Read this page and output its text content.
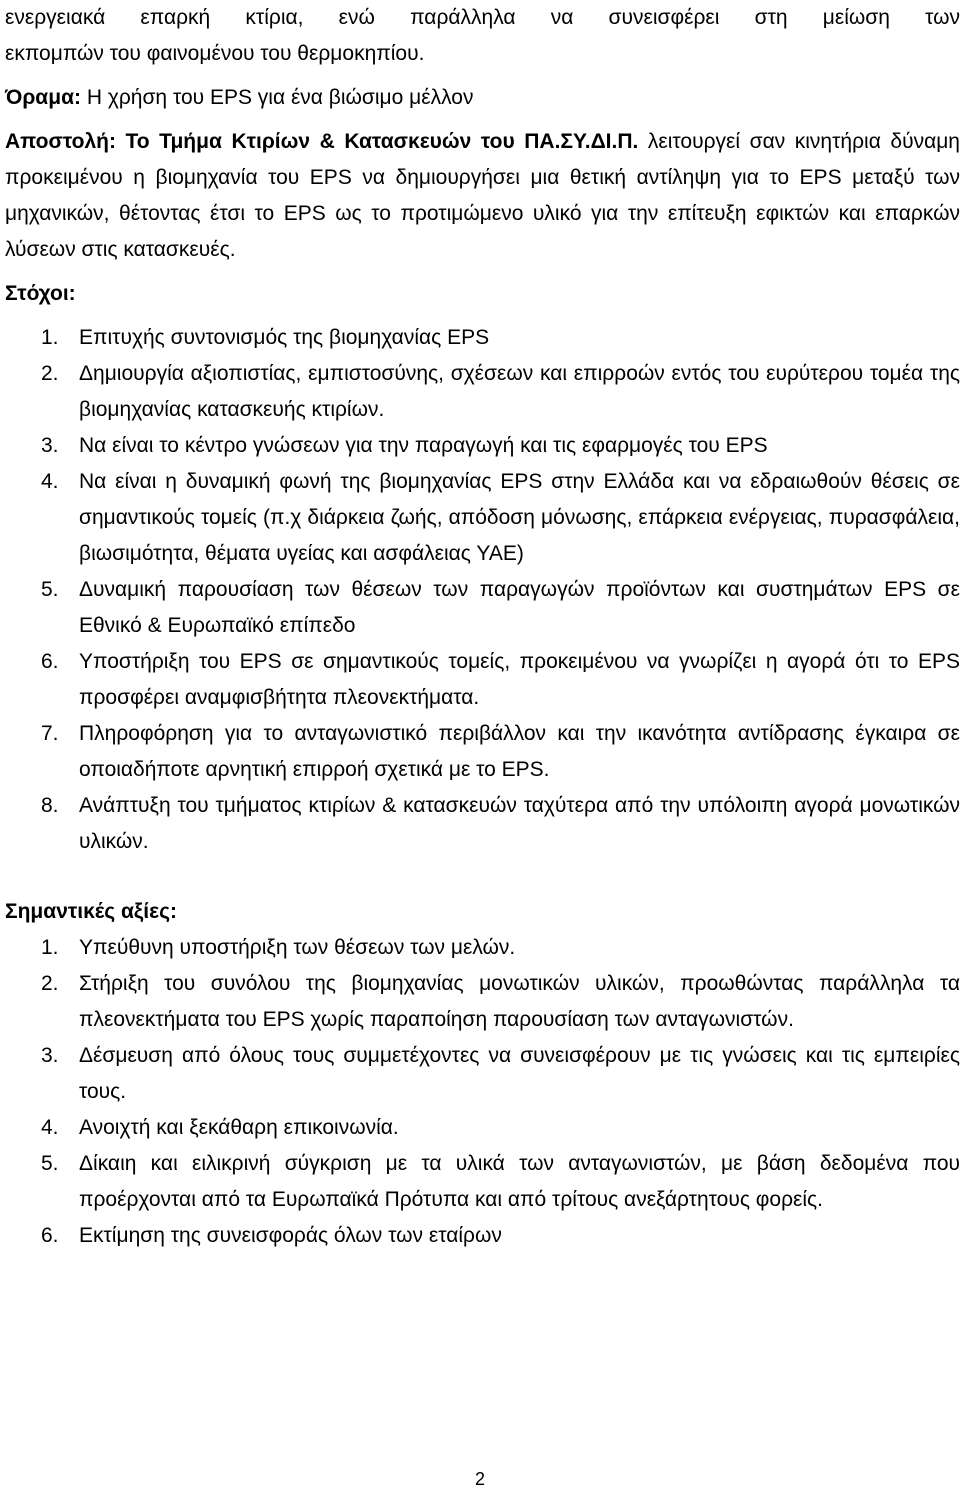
ενεργειακά επαρκή κτίρια, ενώ παράλληλα να συνεισφέρει στη μείωση των

εκπομπών του φαινομένου του θερμοκηπίου.

Όραμα: Η χρήση του EPS για ένα βιώσιμο μέλλον

Αποστολή: Το Τμήμα Κτιρίων & Κατασκευών του ΠΑ.ΣΥ.ΔΙ.Π. λειτουργεί σαν κινητήρια δύναμη προκειμένου η βιομηχανία του EPS να δημιουργήσει μια θετική αντίληψη για το EPS μεταξύ των μηχανικών, θέτοντας έτσι το EPS ως το προτιμώμενο υλικό για την επίτευξη εφικτών και επαρκών λύσεων στις κατασκευές.

Στόχοι:

1. Επιτυχής συντονισμός της βιομηχανίας EPS
2. Δημιουργία αξιοπιστίας, εμπιστοσύνης, σχέσεων και επιρροών εντός του ευρύτερου τομέα της βιομηχανίας κατασκευής κτιρίων.
3. Να είναι το κέντρο γνώσεων για την παραγωγή και τις εφαρμογές του EPS
4. Να είναι η δυναμική φωνή της βιομηχανίας EPS στην Ελλάδα και να εδραιωθούν θέσεις σε σημαντικούς τομείς (π.χ διάρκεια ζωής, απόδοση μόνωσης, επάρκεια ενέργειας, πυρασφάλεια, βιωσιμότητα, θέματα υγείας και ασφάλειας ΥΑΕ)
5. Δυναμική παρουσίαση των θέσεων των παραγωγών προϊόντων και συστημάτων EPS σε Εθνικό & Ευρωπαϊκό επίπεδο
6. Υποστήριξη του EPS σε σημαντικούς τομείς, προκειμένου να γνωρίζει η αγορά ότι το EPS προσφέρει αναμφισβήτητα πλεονεκτήματα.
7. Πληροφόρηση για το ανταγωνιστικό περιβάλλον και την ικανότητα αντίδρασης έγκαιρα σε οποιαδήποτε αρνητική επιρροή σχετικά με το EPS.
8. Ανάπτυξη του τμήματος κτιρίων & κατασκευών ταχύτερα από την υπόλοιπη αγορά μονωτικών υλικών.

Σημαντικές αξίες:

1. Υπεύθυνη υποστήριξη των θέσεων των μελών.
2. Στήριξη του συνόλου της βιομηχανίας μονωτικών υλικών, προωθώντας παράλληλα τα πλεονεκτήματα του EPS χωρίς παραποίηση παρουσίαση των ανταγωνιστών.
3. Δέσμευση από όλους τους συμμετέχοντες να συνεισφέρουν με τις γνώσεις και τις εμπειρίες τους.
4. Ανοιχτή και ξεκάθαρη επικοινωνία.
5. Δίκαιη και ειλικρινή σύγκριση με τα υλικά των ανταγωνιστών, με βάση δεδομένα που προέρχονται από τα Ευρωπαϊκά Πρότυπα και από τρίτους ανεξάρτητους φορείς.
6. Εκτίμηση της συνεισφοράς όλων των εταίρων
2
